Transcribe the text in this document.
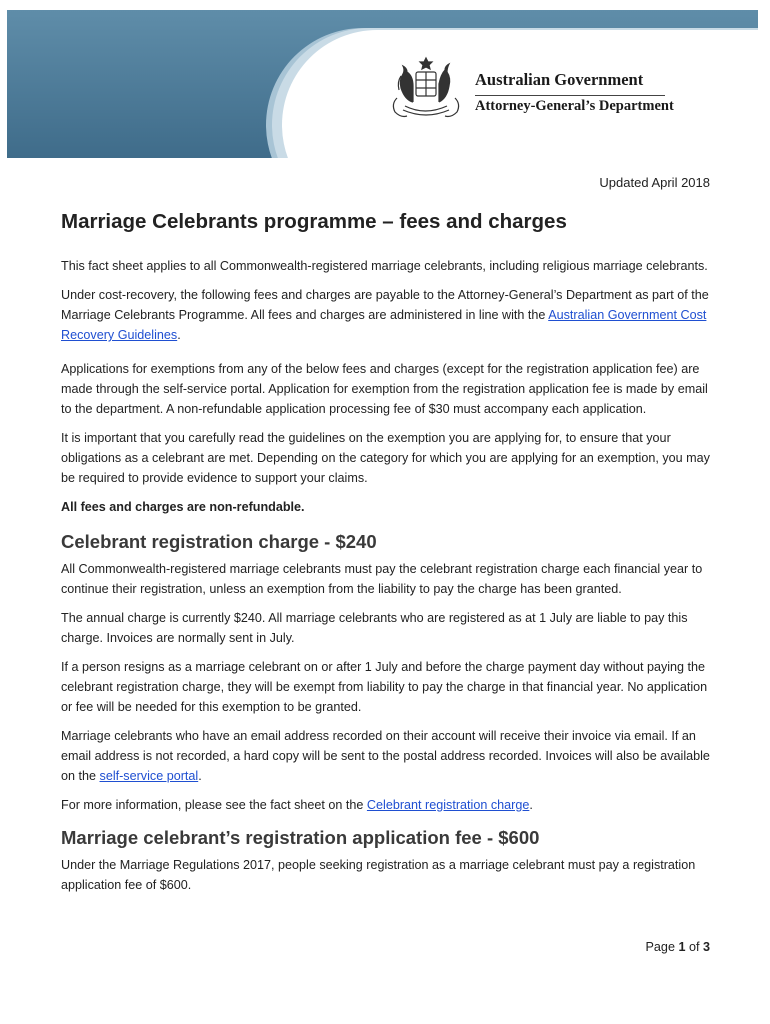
Australian Government
Attorney-General’s Department
Updated April 2018
Marriage Celebrants programme – fees and charges

This fact sheet applies to all Commonwealth-registered marriage celebrants, including religious marriage celebrants.

Under cost-recovery, the following fees and charges are payable to the Attorney-General’s Department as part of the Marriage Celebrants Programme. All fees and charges are administered in line with the Australian Government Cost Recovery Guidelines.

Applications for exemptions from any of the below fees and charges (except for the registration application fee) are made through the self-service portal. Application for exemption from the registration application fee is made by email to the department. A non-refundable application processing fee of $30 must accompany each application.

It is important that you carefully read the guidelines on the exemption you are applying for, to ensure that your obligations as a celebrant are met. Depending on the category for which you are applying for an exemption, you may be required to provide evidence to support your claims.

All fees and charges are non-refundable.

Celebrant registration charge - $240

All Commonwealth-registered marriage celebrants must pay the celebrant registration charge each financial year to continue their registration, unless an exemption from the liability to pay the charge has been granted.

The annual charge is currently $240. All marriage celebrants who are registered as at 1 July are liable to pay this charge. Invoices are normally sent in July.

If a person resigns as a marriage celebrant on or after 1 July and before the charge payment day without paying the celebrant registration charge, they will be exempt from liability to pay the charge in that financial year. No application or fee will be needed for this exemption to be granted.

Marriage celebrants who have an email address recorded on their account will receive their invoice via email. If an email address is not recorded, a hard copy will be sent to the postal address recorded. Invoices will also be available on the self-service portal.

For more information, please see the fact sheet on the Celebrant registration charge.

Marriage celebrant’s registration application fee - $600

Under the Marriage Regulations 2017, people seeking registration as a marriage celebrant must pay a registration application fee of $600.

Page 1 of 3
